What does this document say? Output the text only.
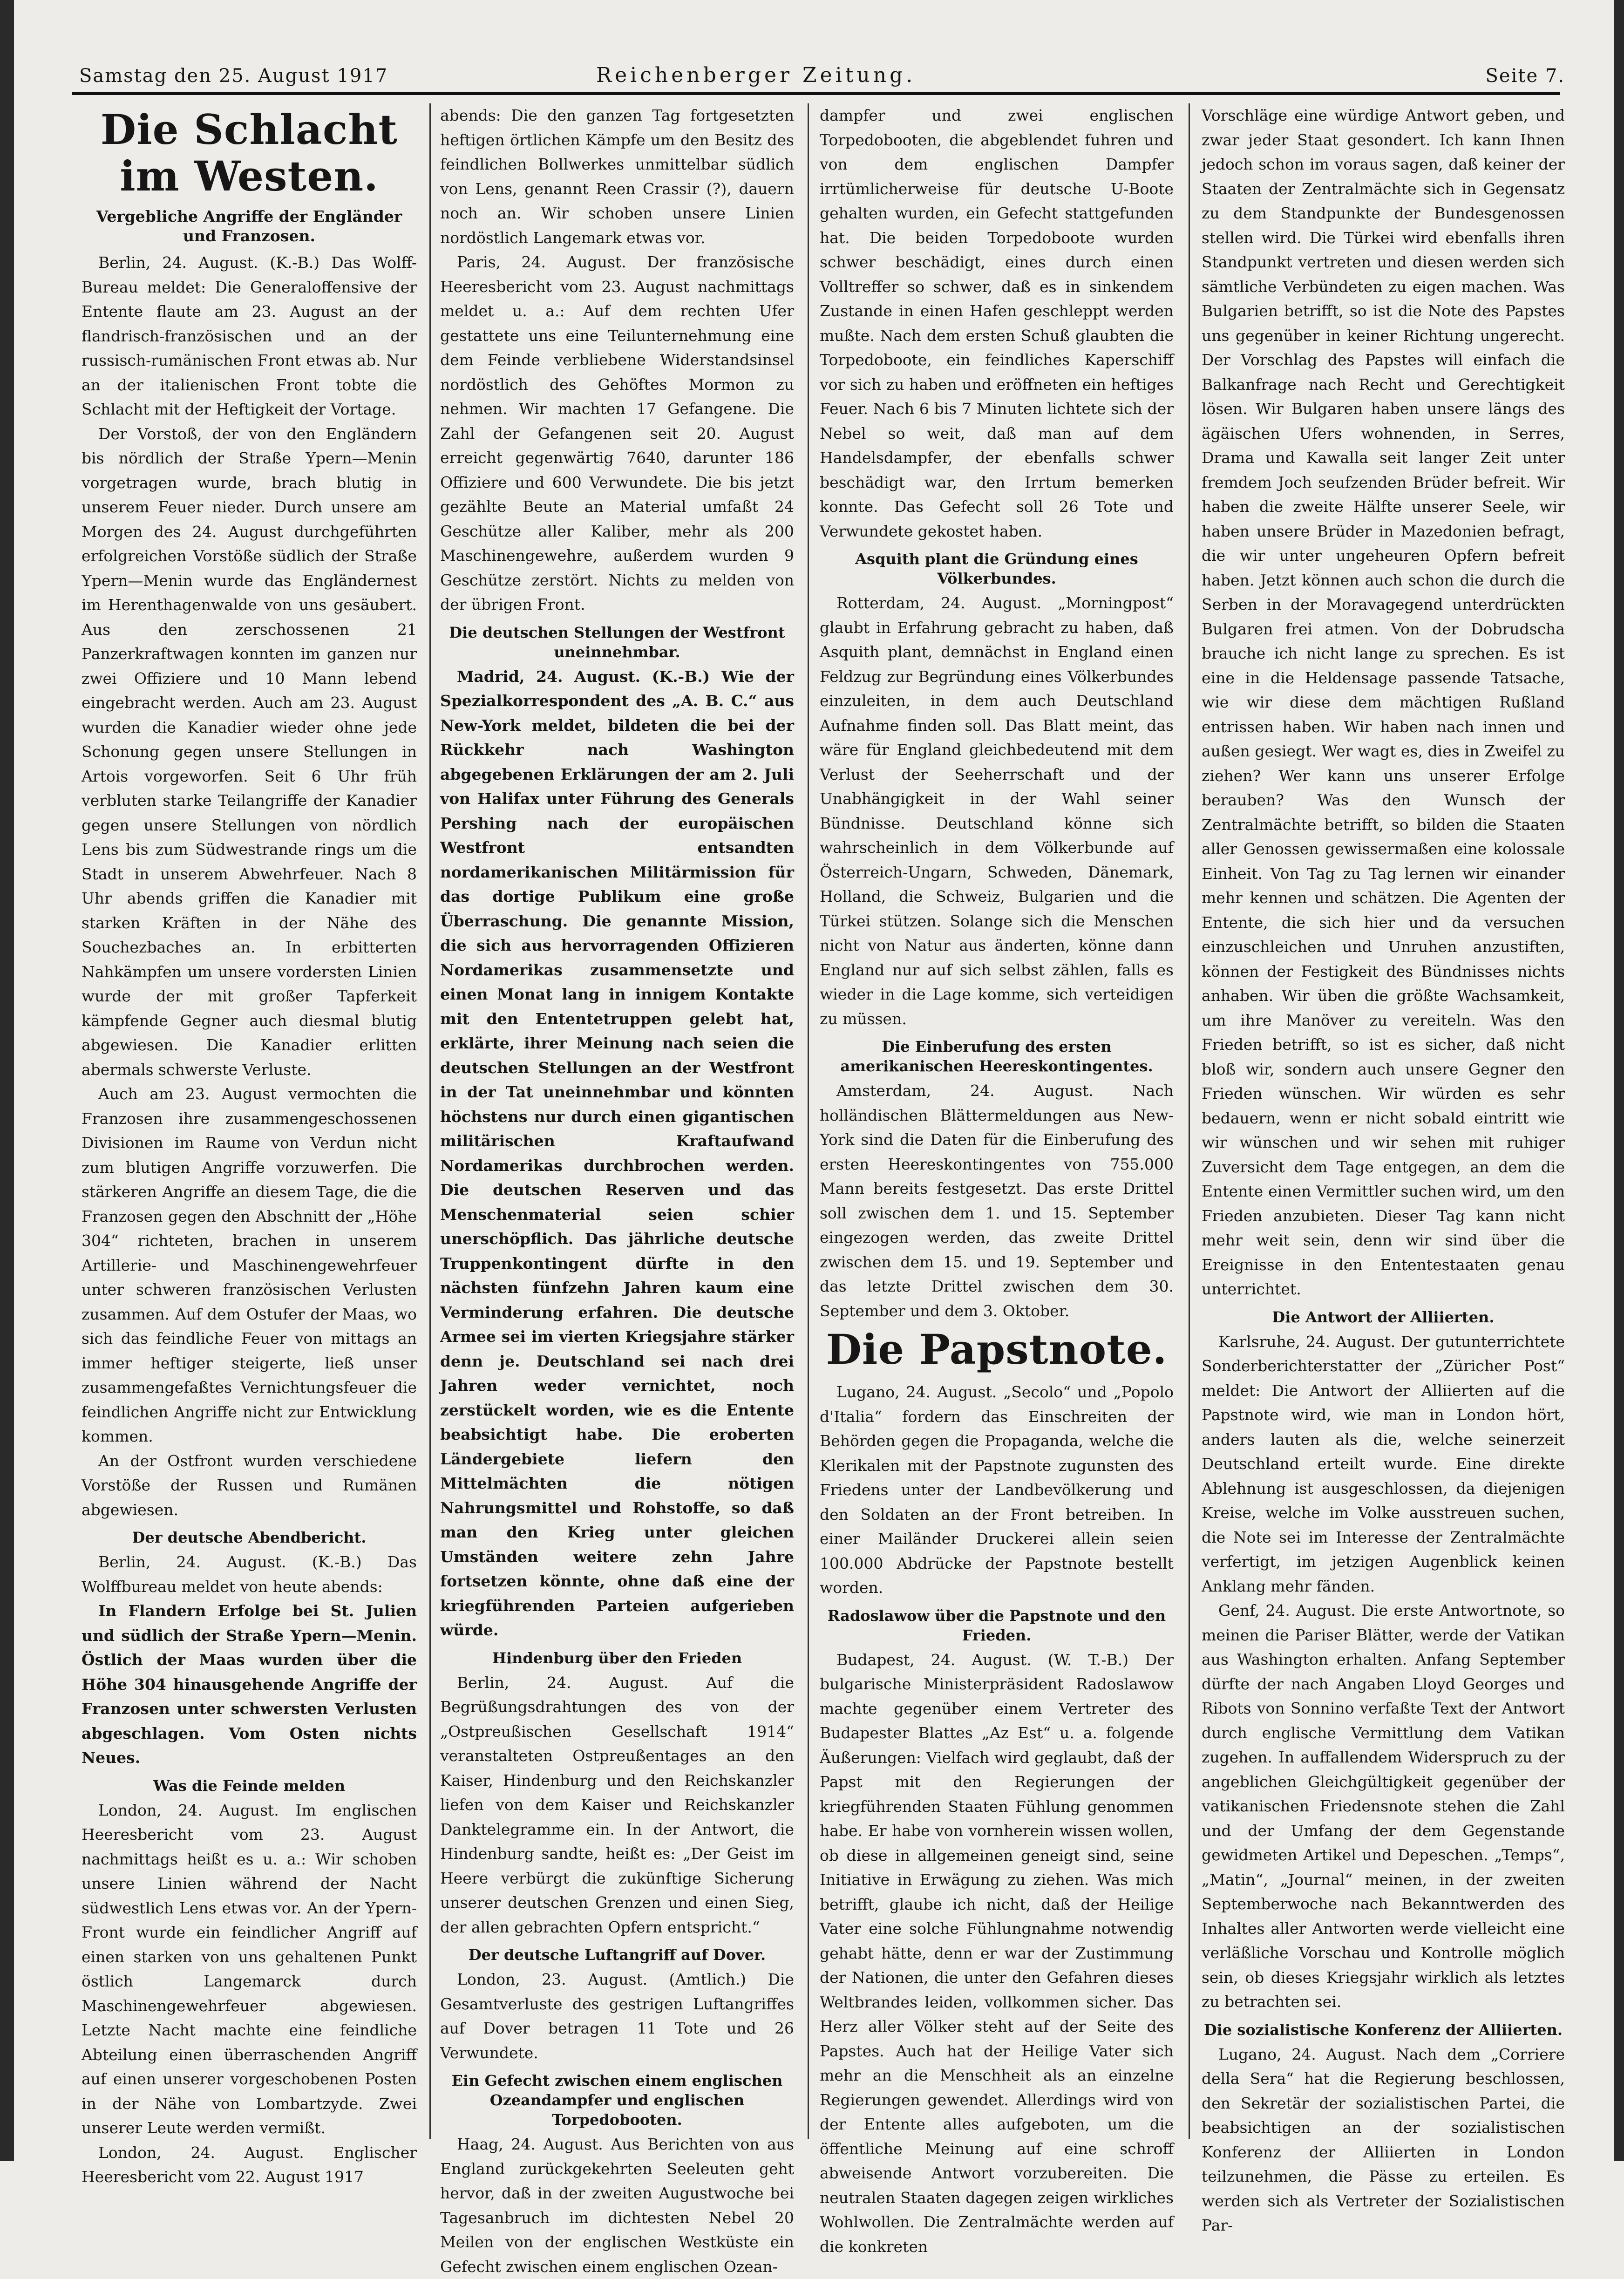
Samstag den 25. August 1917	Reichenberger Zeitung.	Seite 7.
Die Schlacht im Westen.
Vergebliche Angriffe der Engländer und Franzosen.

Berlin, 24. August. (K.-B.) Das Wolff-Bureau meldet: Die Generaloffensive der Entente flaute am 23. August an der flandrisch-französischen und an der russisch-rumänischen Front etwas ab. Nur an der italienischen Front tobte die Schlacht mit der Heftigkeit der Vortage.

Der Vorstoß, der von den Engländern bis nördlich der Straße Ypern—Menin vorgetragen wurde, brach blutig in unserem Feuer nieder. Durch unsere am Morgen des 24. August durchgeführten erfolgreichen Vorstöße südlich der Straße Ypern—Menin wurde das Engländernest im Herenthagenwalde von uns gesäubert. Aus den zerschossenen 21 Panzerkraftwagen konnten im ganzen nur zwei Offiziere und 10 Mann lebend eingebracht werden. Auch am 23. August wurden die Kanadier wieder ohne jede Schonung gegen unsere Stellungen in Artois vorgeworfen. Seit 6 Uhr früh verbluten starke Teilangriffe der Kanadier gegen unsere Stellungen von nördlich Lens bis zum Südwestrande rings um die Stadt in unserem Abwehrfeuer. Nach 8 Uhr abends griffen die Kanadier mit starken Kräften in der Nähe des Souchezbaches an. In erbitterten Nahkämpfen um unsere vordersten Linien wurde der mit großer Tapferkeit kämpfende Gegner auch diesmal blutig abgewiesen. Die Kanadier erlitten abermals schwerste Verluste.

Auch am 23. August vermochten die Franzosen ihre zusammengeschossenen Divisionen im Raume von Verdun nicht zum blutigen Angriffe vorzuwerfen. Die stärkeren Angriffe an diesem Tage, die die Franzosen gegen den Abschnitt der „Höhe 304“ richteten, brachen in unserem Artillerie- und Maschinengewehrfeuer unter schweren französischen Verlusten zusammen. Auf dem Ostufer der Maas, wo sich das feindliche Feuer von mittags an immer heftiger steigerte, ließ unser zusammengefaßtes Vernichtungsfeuer die feindlichen Angriffe nicht zur Entwicklung kommen.

An der Ostfront wurden verschiedene Vorstöße der Russen und Rumänen abgewiesen.

Der deutsche Abendbericht.

Berlin, 24. August. (K.-B.) Das Wolffbureau meldet von heute abends:

In Flandern Erfolge bei St. Julien und südlich der Straße Ypern—Menin. Östlich der Maas wurden über die Höhe 304 hinausgehende Angriffe der Franzosen unter schwersten Verlusten abgeschlagen. Vom Osten nichts Neues.

Was die Feinde melden

London, 24. August. Im englischen Heeresbericht vom 23. August nachmittags heißt es u. a.: Wir schoben unsere Linien während der Nacht südwestlich Lens etwas vor. An der Ypern-Front wurde ein feindlicher Angriff auf einen starken von uns gehaltenen Punkt östlich Langemarck durch Maschinengewehrfeuer abgewiesen. Letzte Nacht machte eine feindliche Abteilung einen überraschenden Angriff auf einen unserer vorgeschobenen Posten in der Nähe von Lombartzyde. Zwei unserer Leute werden vermißt.

London, 24. August. Englischer Heeresbericht vom 22. August 1917

abends: Die den ganzen Tag fortgesetzten heftigen örtlichen Kämpfe um den Besitz des feindlichen Bollwerkes unmittelbar südlich von Lens, genannt Reen Crassir (?), dauern noch an. Wir schoben unsere Linien nordöstlich Langemark etwas vor.

Paris, 24. August. Der französische Heeresbericht vom 23. August nachmittags meldet u. a.: Auf dem rechten Ufer gestattete uns eine Teilunternehmung eine dem Feinde verbliebene Widerstandsinsel nordöstlich des Gehöftes Mormon zu nehmen. Wir machten 17 Gefangene. Die Zahl der Gefangenen seit 20. August erreicht gegenwärtig 7640, darunter 186 Offiziere und 600 Verwundete. Die bis jetzt gezählte Beute an Material umfaßt 24 Geschütze aller Kaliber, mehr als 200 Maschinengewehre, außerdem wurden 9 Geschütze zerstört. Nichts zu melden von der übrigen Front.

Die deutschen Stellungen der Westfront uneinnehmbar.

Madrid, 24. August. (K.-B.) Wie der Spezialkorrespondent des „A. B. C.“ aus New-York meldet, bildeten die bei der Rückkehr nach Washington abgegebenen Erklärungen der am 2. Juli von Halifax unter Führung des Generals Pershing nach der europäischen Westfront entsandten nordamerikanischen Militärmission für das dortige Publikum eine große Überraschung. Die genannte Mission, die sich aus hervorragenden Offizieren Nordamerikas zusammensetzte und einen Monat lang in innigem Kontakte mit den Ententetruppen gelebt hat, erklärte, ihrer Meinung nach seien die deutschen Stellungen an der Westfront in der Tat uneinnehmbar und könnten höchstens nur durch einen gigantischen militärischen Kraftaufwand Nordamerikas durchbrochen werden. Die deutschen Reserven und das Menschenmaterial seien schier unerschöpflich. Das jährliche deutsche Truppenkontingent dürfte in den nächsten fünfzehn Jahren kaum eine Verminderung erfahren. Die deutsche Armee sei im vierten Kriegsjahre stärker denn je. Deutschland sei nach drei Jahren weder vernichtet, noch zerstückelt worden, wie es die Entente beabsichtigt habe. Die eroberten Ländergebiete liefern den Mittelmächten die nötigen Nahrungsmittel und Rohstoffe, so daß man den Krieg unter gleichen Umständen weitere zehn Jahre fortsetzen könnte, ohne daß eine der kriegführenden Parteien aufgerieben würde.

Hindenburg über den Frieden

Berlin, 24. August. Auf die Begrüßungsdrahtungen des von der „Ostpreußischen Gesellschaft 1914“ veranstalteten Ostpreußentages an den Kaiser, Hindenburg und den Reichskanzler liefen von dem Kaiser und Reichskanzler Danktelegramme ein. In der Antwort, die Hindenburg sandte, heißt es: „Der Geist im Heere verbürgt die zukünftige Sicherung unserer deutschen Grenzen und einen Sieg, der allen gebrachten Opfern entspricht.“

Der deutsche Luftangriff auf Dover.

London, 23. August. (Amtlich.) Die Gesamtverluste des gestrigen Luftangriffes auf Dover betragen 11 Tote und 26 Verwundete.

Ein Gefecht zwischen einem englischen Ozeandampfer und englischen Torpedobooten.

Haag, 24. August. Aus Berichten von aus England zurückgekehrten Seeleuten geht hervor, daß in der zweiten Augustwoche bei Tagesanbruch im dichtesten Nebel 20 Meilen von der englischen Westküste ein Gefecht zwischen einem englischen Ozean-

dampfer und zwei englischen Torpedobooten, die abgeblendet fuhren und von dem englischen Dampfer irrtümlicherweise für deutsche U-Boote gehalten wurden, ein Gefecht stattgefunden hat. Die beiden Torpedoboote wurden schwer beschädigt, eines durch einen Volltreffer so schwer, daß es in sinkendem Zustande in einen Hafen geschleppt werden mußte. Nach dem ersten Schuß glaubten die Torpedoboote, ein feindliches Kaperschiff vor sich zu haben und eröffneten ein heftiges Feuer. Nach 6 bis 7 Minuten lichtete sich der Nebel so weit, daß man auf dem Handelsdampfer, der ebenfalls schwer beschädigt war, den Irrtum bemerken konnte. Das Gefecht soll 26 Tote und Verwundete gekostet haben.

Asquith plant die Gründung eines Völkerbundes.

Rotterdam, 24. August. „Morningpost“ glaubt in Erfahrung gebracht zu haben, daß Asquith plant, demnächst in England einen Feldzug zur Begründung eines Völkerbundes einzuleiten, in dem auch Deutschland Aufnahme finden soll. Das Blatt meint, das wäre für England gleichbedeutend mit dem Verlust der Seeherrschaft und der Unabhängigkeit in der Wahl seiner Bündnisse. Deutschland könne sich wahrscheinlich in dem Völkerbunde auf Österreich-Ungarn, Schweden, Dänemark, Holland, die Schweiz, Bulgarien und die Türkei stützen. Solange sich die Menschen nicht von Natur aus änderten, könne dann England nur auf sich selbst zählen, falls es wieder in die Lage komme, sich verteidigen zu müssen.

Die Einberufung des ersten amerikanischen Heereskontingentes.

Amsterdam, 24. August. Nach holländischen Blättermeldungen aus New-York sind die Daten für die Einberufung des ersten Heereskontingentes von 755.000 Mann bereits festgesetzt. Das erste Drittel soll zwischen dem 1. und 15. September eingezogen werden, das zweite Drittel zwischen dem 15. und 19. September und das letzte Drittel zwischen dem 30. September und dem 3. Oktober.

Die Papstnote.

Lugano, 24. August. „Secolo“ und „Popolo d'Italia“ fordern das Einschreiten der Behörden gegen die Propaganda, welche die Klerikalen mit der Papstnote zugunsten des Friedens unter der Landbevölkerung und den Soldaten an der Front betreiben. In einer Mailänder Druckerei allein seien 100.000 Abdrücke der Papstnote bestellt worden.

Radoslawow über die Papstnote und den Frieden.

Budapest, 24. August. (W. T.-B.) Der bulgarische Ministerpräsident Radoslawow machte gegenüber einem Vertreter des Budapester Blattes „Az Est“ u. a. folgende Äußerungen: Vielfach wird geglaubt, daß der Papst mit den Regierungen der kriegführenden Staaten Fühlung genommen habe. Er habe von vornherein wissen wollen, ob diese in allgemeinen geneigt sind, seine Initiative in Erwägung zu ziehen. Was mich betrifft, glaube ich nicht, daß der Heilige Vater eine solche Fühlungnahme notwendig gehabt hätte, denn er war der Zustimmung der Nationen, die unter den Gefahren dieses Weltbrandes leiden, vollkommen sicher. Das Herz aller Völker steht auf der Seite des Papstes. Auch hat der Heilige Vater sich mehr an die Menschheit als an einzelne Regierungen gewendet. Allerdings wird von der Entente alles aufgeboten, um die öffentliche Meinung auf eine schroff abweisende Antwort vorzubereiten. Die neutralen Staaten dagegen zeigen wirkliches Wohlwollen. Die Zentralmächte werden auf die konkreten

Vorschläge eine würdige Antwort geben, und zwar jeder Staat gesondert. Ich kann Ihnen jedoch schon im voraus sagen, daß keiner der Staaten der Zentralmächte sich in Gegensatz zu dem Standpunkte der Bundesgenossen stellen wird. Die Türkei wird ebenfalls ihren Standpunkt vertreten und diesen werden sich sämtliche Verbündeten zu eigen machen. Was Bulgarien betrifft, so ist die Note des Papstes uns gegenüber in keiner Richtung ungerecht. Der Vorschlag des Papstes will einfach die Balkanfrage nach Recht und Gerechtigkeit lösen. Wir Bulgaren haben unsere längs des ägäischen Ufers wohnenden, in Serres, Drama und Kawalla seit langer Zeit unter fremdem Joch seufzenden Brüder befreit. Wir haben die zweite Hälfte unserer Seele, wir haben unsere Brüder in Mazedonien befragt, die wir unter ungeheuren Opfern befreit haben. Jetzt können auch schon die durch die Serben in der Moravagegend unterdrückten Bulgaren frei atmen. Von der Dobrudscha brauche ich nicht lange zu sprechen. Es ist eine in die Heldensage passende Tatsache, wie wir diese dem mächtigen Rußland entrissen haben. Wir haben nach innen und außen gesiegt. Wer wagt es, dies in Zweifel zu ziehen? Wer kann uns unserer Erfolge berauben? Was den Wunsch der Zentralmächte betrifft, so bilden die Staaten aller Genossen gewissermaßen eine kolossale Einheit. Von Tag zu Tag lernen wir einander mehr kennen und schätzen. Die Agenten der Entente, die sich hier und da versuchen einzuschleichen und Unruhen anzustiften, können der Festigkeit des Bündnisses nichts anhaben. Wir üben die größte Wachsamkeit, um ihre Manöver zu vereiteln. Was den Frieden betrifft, so ist es sicher, daß nicht bloß wir, sondern auch unsere Gegner den Frieden wünschen. Wir würden es sehr bedauern, wenn er nicht sobald eintritt wie wir wünschen und wir sehen mit ruhiger Zuversicht dem Tage entgegen, an dem die Entente einen Vermittler suchen wird, um den Frieden anzubieten. Dieser Tag kann nicht mehr weit sein, denn wir sind über die Ereignisse in den Ententestaaten genau unterrichtet.

Die Antwort der Alliierten.

Karlsruhe, 24. August. Der gutunterrichtete Sonderberichterstatter der „Züricher Post“ meldet: Die Antwort der Alliierten auf die Papstnote wird, wie man in London hört, anders lauten als die, welche seinerzeit Deutschland erteilt wurde. Eine direkte Ablehnung ist ausgeschlossen, da diejenigen Kreise, welche im Volke ausstreuen suchen, die Note sei im Interesse der Zentralmächte verfertigt, im jetzigen Augenblick keinen Anklang mehr fänden.

Genf, 24. August. Die erste Antwortnote, so meinen die Pariser Blätter, werde der Vatikan aus Washington erhalten. Anfang September dürfte der nach Angaben Lloyd Georges und Ribots von Sonnino verfaßte Text der Antwort durch englische Vermittlung dem Vatikan zugehen. In auffallendem Widerspruch zu der angeblichen Gleichgültigkeit gegenüber der vatikanischen Friedensnote stehen die Zahl und der Umfang der dem Gegenstande gewidmeten Artikel und Depeschen. „Temps“, „Matin“, „Journal“ meinen, in der zweiten Septemberwoche nach Bekanntwerden des Inhaltes aller Antworten werde vielleicht eine verläßliche Vorschau und Kontrolle möglich sein, ob dieses Kriegsjahr wirklich als letztes zu betrachten sei.

Die sozialistische Konferenz der Alliierten.

Lugano, 24. August. Nach dem „Corriere della Sera“ hat die Regierung beschlossen, den Sekretär der sozialistischen Partei, die beabsichtigen an der sozialistischen Konferenz der Alliierten in London teilzunehmen, die Pässe zu erteilen. Es werden sich als Vertreter der Sozialistischen Par-
